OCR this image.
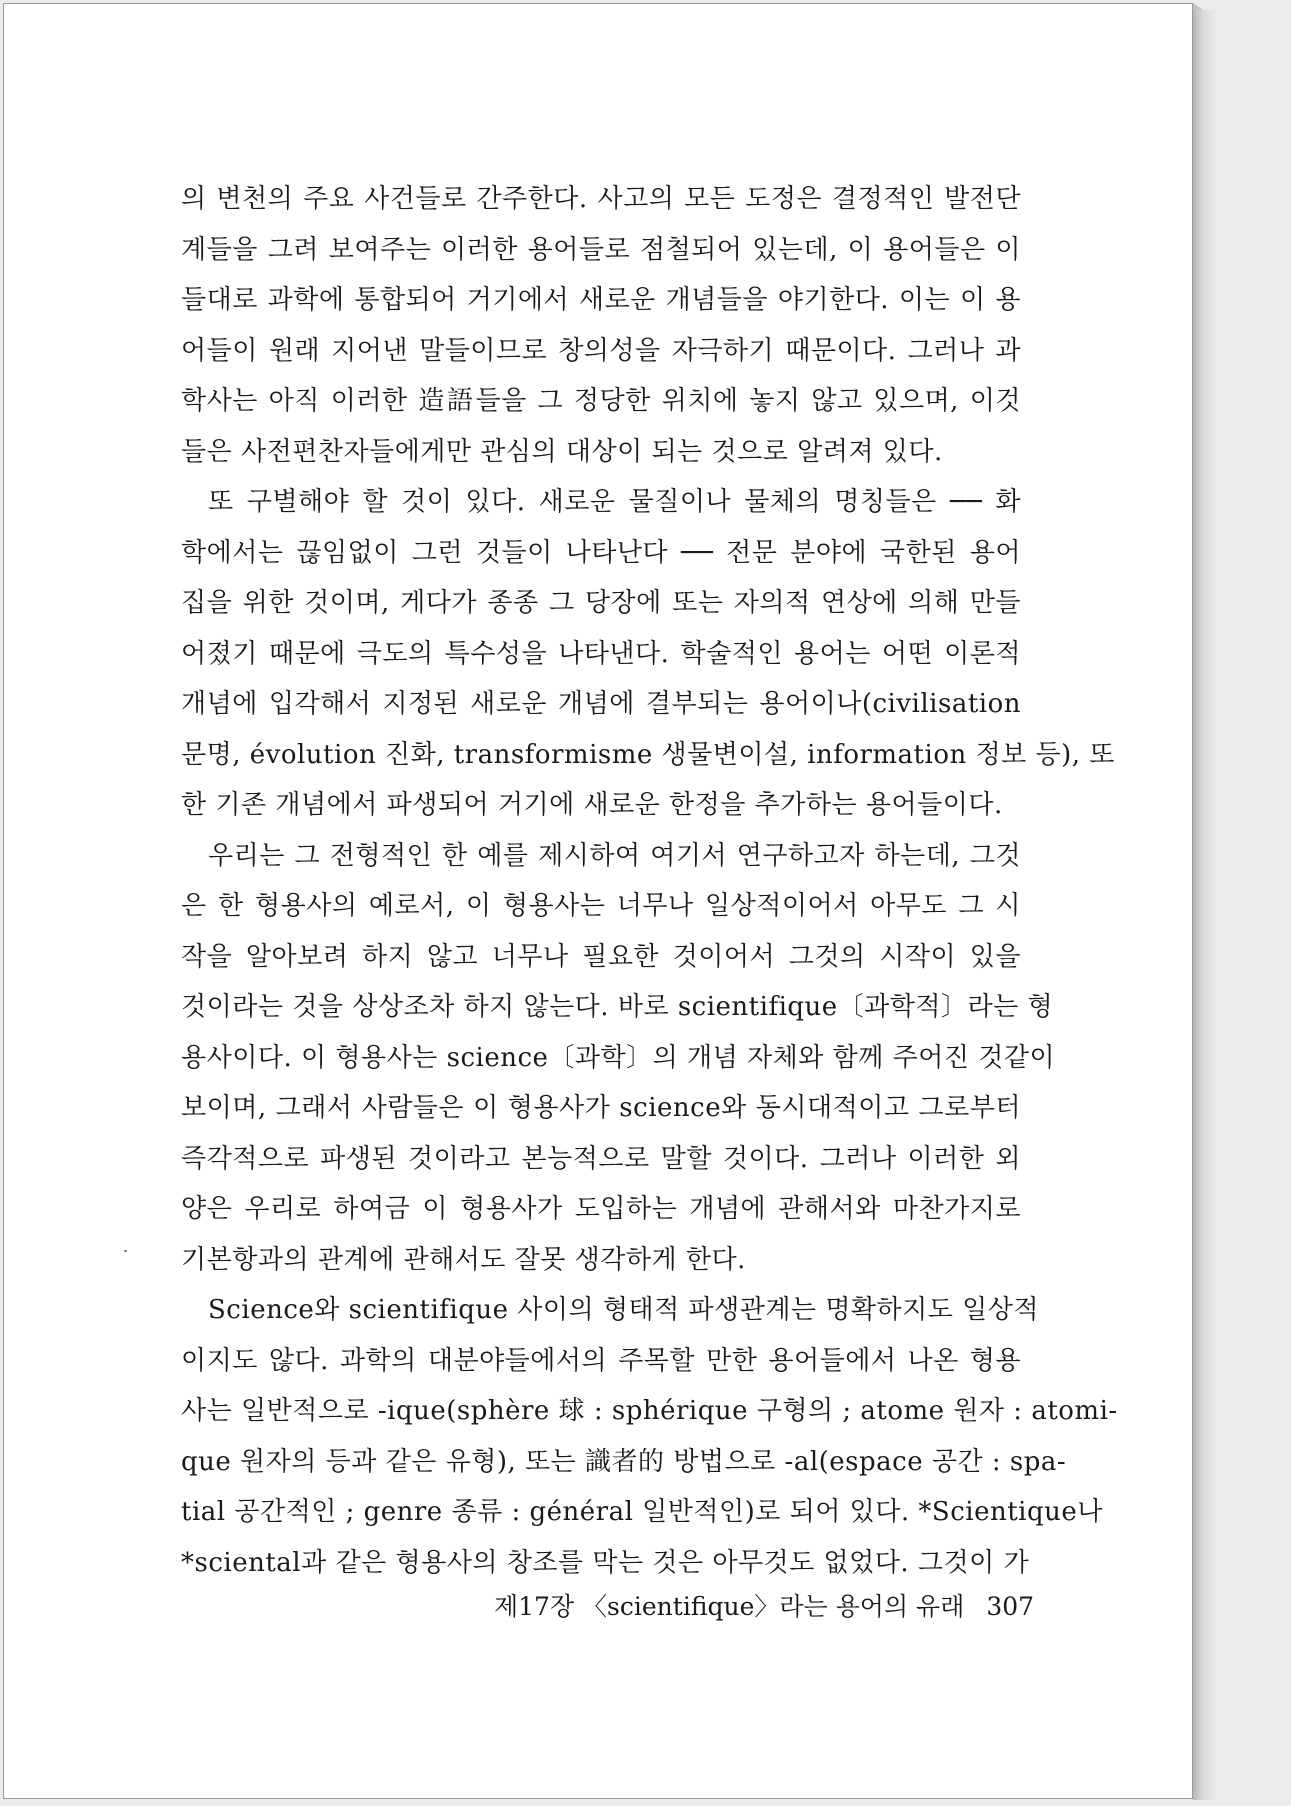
의 변천의 주요 사건들로 간주한다. 사고의 모든 도정은 결정적인 발전단
계들을 그려 보여주는 이러한 용어들로 점철되어 있는데, 이 용어들은 이
들대로 과학에 통합되어 거기에서 새로운 개념들을 야기한다. 이는 이 용
어들이 원래 지어낸 말들이므로 창의성을 자극하기 때문이다. 그러나 과
학사는 아직 이러한 造語들을 그 정당한 위치에 놓지 않고 있으며, 이것
들은 사전편찬자들에게만 관심의 대상이 되는 것으로 알려져 있다.
또 구별해야 할 것이 있다. 새로운 물질이나 물체의 명칭들은 ── 화
학에서는 끊임없이 그런 것들이 나타난다 ── 전문 분야에 국한된 용어
집을 위한 것이며, 게다가 종종 그 당장에 또는 자의적 연상에 의해 만들
어졌기 때문에 극도의 특수성을 나타낸다. 학술적인 용어는 어떤 이론적
개념에 입각해서 지정된 새로운 개념에 결부되는 용어이나(civilisation
문명, évolution 진화, transformisme 생물변이설, information 정보 등), 또
한 기존 개념에서 파생되어 거기에 새로운 한정을 추가하는 용어들이다.
우리는 그 전형적인 한 예를 제시하여 여기서 연구하고자 하는데, 그것
은 한 형용사의 예로서, 이 형용사는 너무나 일상적이어서 아무도 그 시
작을 알아보려 하지 않고 너무나 필요한 것이어서 그것의 시작이 있을
것이라는 것을 상상조차 하지 않는다. 바로 scientifique〔과학적〕라는 형
용사이다. 이 형용사는 science〔과학〕의 개념 자체와 함께 주어진 것같이
보이며, 그래서 사람들은 이 형용사가 science와 동시대적이고 그로부터
즉각적으로 파생된 것이라고 본능적으로 말할 것이다. 그러나 이러한 외
양은 우리로 하여금 이 형용사가 도입하는 개념에 관해서와 마찬가지로
기본항과의 관계에 관해서도 잘못 생각하게 한다.
Science와 scientifique 사이의 형태적 파생관계는 명확하지도 일상적
이지도 않다. 과학의 대분야들에서의 주목할 만한 용어들에서 나온 형용
사는 일반적으로 -ique(sphère 球 : sphérique 구형의 ; atome 원자 : atomi-
que 원자의 등과 같은 유형), 또는 識者的 방법으로 -al(espace 공간 : spa-
tial 공간적인 ; genre 종류 : général 일반적인)로 되어 있다. *Scientique나
*sciental과 같은 형용사의 창조를 막는 것은 아무것도 없었다. 그것이 가
제17장 〈scientifique〉라는 용어의 유래 307
